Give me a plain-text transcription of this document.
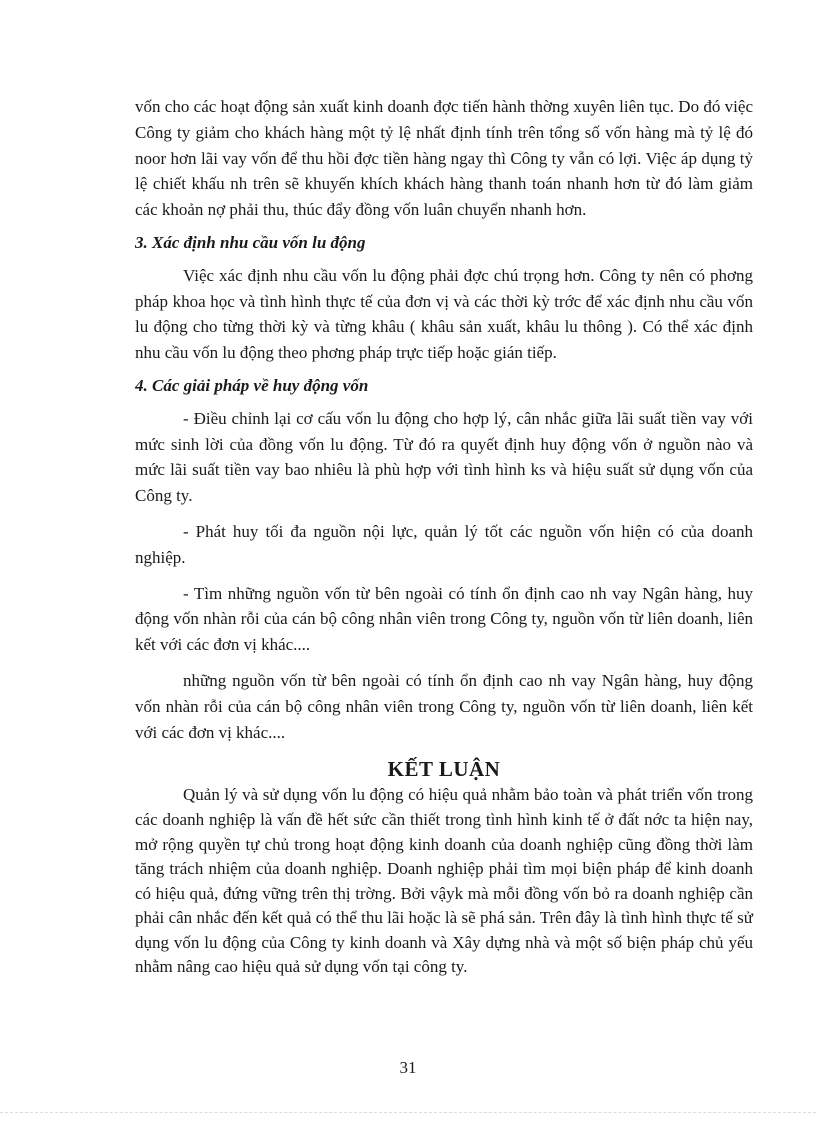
vốn cho các hoạt động sản xuất kinh doanh đợc tiến hành thờng xuyên liên tục. Do đó việc Công ty giảm cho khách hàng một tỷ lệ nhất định tính trên tổng số vốn hàng mà tỷ lệ đó noor hơn lãi vay vốn để thu hồi đợc tiền hàng ngay thì Công ty vẫn có lợi. Việc áp dụng tỷ lệ chiết khấu nh trên sẽ khuyến khích khách hàng thanh toán nhanh hơn từ đó làm giảm các khoản nợ phải thu, thúc đẩy đồng vốn luân chuyển nhanh hơn.

3. Xác định nhu cầu vốn lu động

Việc xác định nhu cầu vốn lu động phải đợc chú trọng hơn. Công ty nên có phơng pháp khoa học và tình hình thực tế của đơn vị và các thời kỳ trớc để xác định nhu cầu vốn lu động cho từng thời kỳ và từng khâu ( khâu sản xuất, khâu lu thông ). Có thể xác định nhu cầu vốn lu động theo phơng pháp trực tiếp hoặc gián tiếp.

4. Các giải pháp về huy động vốn

- Điều chỉnh lại cơ cấu vốn lu động cho hợp lý, cân nhắc giữa lãi suất tiền vay với mức sinh lời của đồng vốn lu động. Từ đó ra quyết định huy động vốn ở nguồn nào và mức lãi suất tiền vay bao nhiêu là phù hợp với tình hình ks và hiệu suất sử dụng vốn của Công ty.

- Phát huy tối đa nguồn nội lực, quản lý tốt các nguồn vốn hiện có của doanh nghiệp.

- Tìm những nguồn vốn từ bên ngoài có tính ổn định cao nh vay Ngân hàng, huy động vốn nhàn rỗi của cán bộ công nhân viên trong Công ty, nguồn vốn từ liên doanh, liên kết với các đơn vị khác....

những nguồn vốn từ bên ngoài có tính ổn định cao nh vay Ngân hàng, huy động vốn nhàn rỗi của cán bộ công nhân viên trong Công ty, nguồn vốn từ liên doanh, liên kết với các đơn vị khác....

KẾT LUẬN

Quản lý và sử dụng vốn lu động có hiệu quả nhằm bảo toàn và phát triển vốn trong các doanh nghiệp là vấn đề hết sức cần thiết trong tình hình kinh tế ở đất nớc ta hiện nay, mở rộng quyền tự chủ trong hoạt động kinh doanh của doanh nghiệp cũng đồng thời làm tăng trách nhiệm của doanh nghiệp. Doanh nghiệp phải tìm mọi biện pháp để kinh doanh có hiệu quả, đứng vững trên thị trờng. Bởi vậyk mà mỗi đồng vốn bỏ ra doanh nghiệp cần phải cân nhắc đến kết quả có thể thu lãi hoặc là sẽ phá sản. Trên đây là tình hình thực tế sử dụng vốn lu động của Công ty kinh doanh và Xây dựng nhà và một số biện pháp chủ yếu nhằm nâng cao hiệu quả sử dụng vốn tại công ty.

31
